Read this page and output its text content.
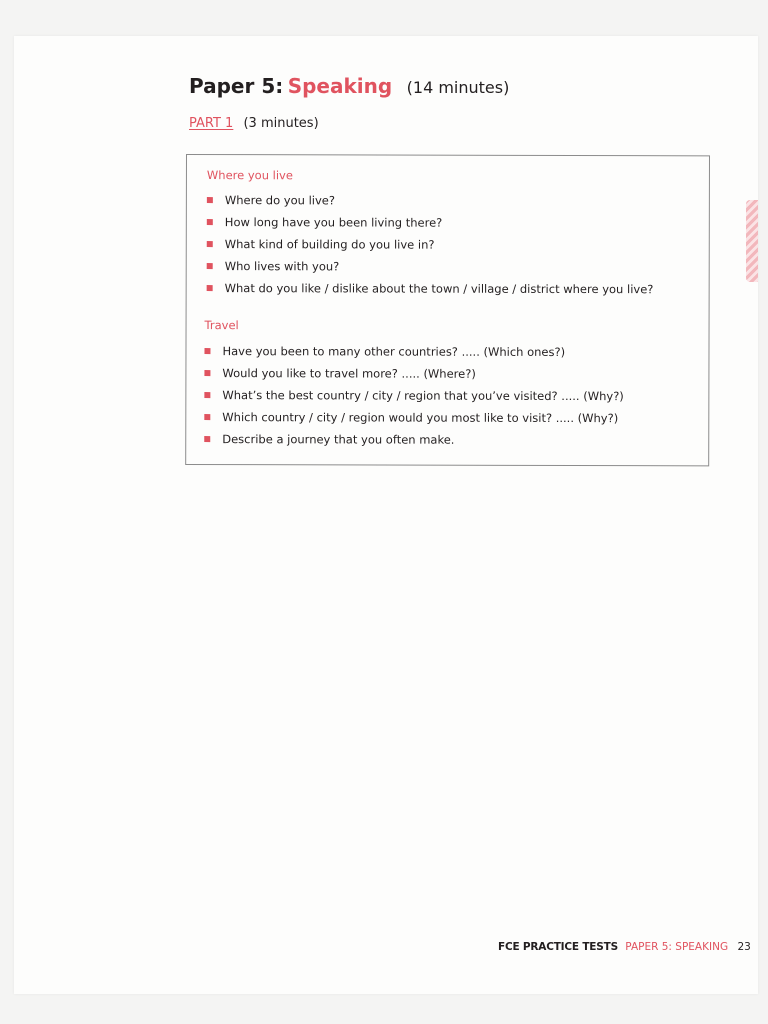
Paper 5: Speaking (14 minutes)
PART 1 (3 minutes)
Where you live
Where do you live?
How long have you been living there?
What kind of building do you live in?
Who lives with you?
What do you like / dislike about the town / village / district where you live?
Travel
Have you been to many other countries? ..... (Which ones?)
Would you like to travel more? ..... (Where?)
What’s the best country / city / region that you’ve visited? ..... (Why?)
Which country / city / region would you most like to visit? ..... (Why?)
Describe a journey that you often make.
FCE PRACTICE TESTS PAPER 5: SPEAKING 23
